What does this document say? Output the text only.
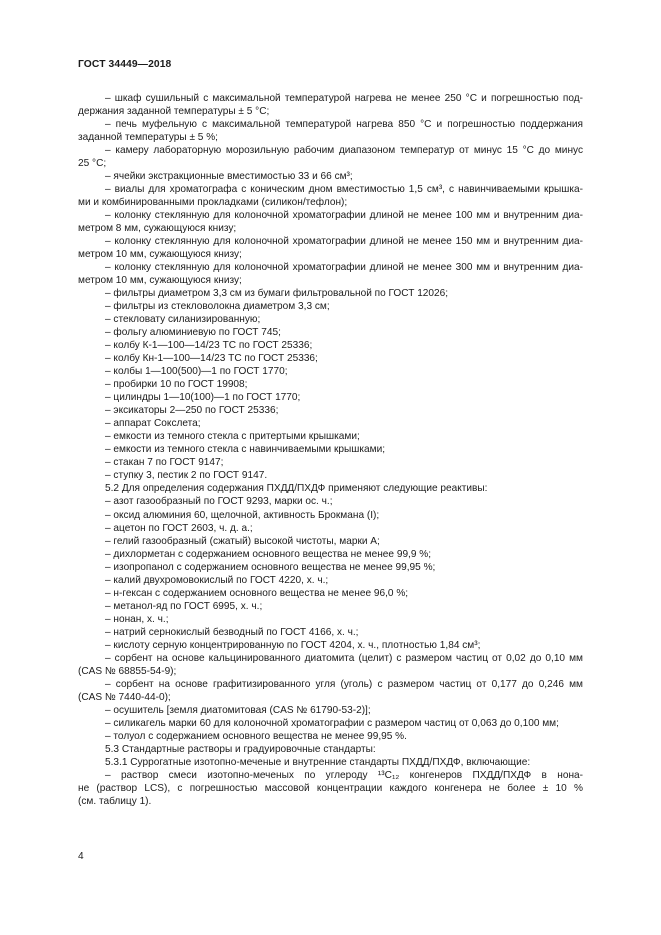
ГОСТ 34449—2018
– шкаф сушильный с максимальной температурой нагрева не менее 250 °С и погрешностью под-
держания заданной температуры ± 5 °С;
– печь муфельную с максимальной температурой нагрева 850 °С и погрешностью поддержания
заданной температуры ± 5 %;
– камеру лабораторную морозильную рабочим диапазоном температур от минус 15 °С до минус
25 °С;
– ячейки экстракционные вместимостью 33 и 66 см³;
– виалы для хроматографа с коническим дном вместимостью 1,5 см³, с навинчиваемыми крышка-
ми и комбинированными прокладками (силикон/тефлон);
– колонку стеклянную для колоночной хроматографии длиной не менее 100 мм и внутренним диа-
метром 8 мм, сужающуюся книзу;
– колонку стеклянную для колоночной хроматографии длиной не менее 150 мм и внутренним диа-
метром 10 мм, сужающуюся книзу;
– колонку стеклянную для колоночной хроматографии длиной не менее 300 мм и внутренним диа-
метром 10 мм, сужающуюся книзу;
– фильтры диаметром 3,3 см из бумаги фильтровальной по ГОСТ 12026;
– фильтры из стекловолокна диаметром 3,3 см;
– стекловату силанизированную;
– фольгу алюминиевую по ГОСТ 745;
– колбу К-1—100—14/23 ТС по ГОСТ 25336;
– колбу Кн-1—100—14/23 ТС по ГОСТ 25336;
– колбы 1—100(500)—1 по ГОСТ 1770;
– пробирки 10 по ГОСТ 19908;
– цилиндры 1—10(100)—1 по ГОСТ 1770;
– эксикаторы 2—250 по ГОСТ 25336;
– аппарат Сокслета;
– емкости из темного стекла с притертыми крышками;
– емкости из темного стекла с навинчиваемыми крышками;
– стакан 7 по ГОСТ 9147;
– ступку 3, пестик 2 по ГОСТ 9147.
5.2 Для определения содержания ПХДД/ПХДФ применяют следующие реактивы:
– азот газообразный по ГОСТ 9293, марки ос. ч.;
– оксид алюминия 60, щелочной, активность Брокмана (I);
– ацетон по ГОСТ 2603, ч. д. а.;
– гелий газообразный (сжатый) высокой чистоты, марки А;
– дихлорметан с содержанием основного вещества не менее 99,9 %;
– изопропанол с содержанием основного вещества не менее 99,95 %;
– калий двухромовокислый по ГОСТ 4220, х. ч.;
– н-гексан с содержанием основного вещества не менее 96,0 %;
– метанол-яд по ГОСТ 6995, х. ч.;
– нонан, х. ч.;
– натрий сернокислый безводный по ГОСТ 4166, х. ч.;
– кислоту серную концентрированную по ГОСТ 4204, х. ч., плотностью 1,84 см³;
– сорбент на основе кальцинированного диатомита (целит) с размером частиц от 0,02 до 0,10 мм
(CAS № 68855-54-9);
– сорбент на основе графитизированного угля (уголь) с размером частиц от 0,177 до 0,246 мм
(CAS № 7440-44-0);
– осушитель [земля диатомитовая (CAS № 61790-53-2)];
– силикагель марки 60 для колоночной хроматографии с размером частиц от 0,063 до 0,100 мм;
– толуол с содержанием основного вещества не менее 99,95 %.
5.3 Стандартные растворы и градуировочные стандарты:
5.3.1 Суррогатные изотопно-меченые и внутренние стандарты ПХДД/ПХДФ, включающие:
– раствор смеси изотопно-меченых по углероду ¹³C₁₂ конгенеров ПХДД/ПХДФ в нона-
не (раствор LCS), с погрешностью массовой концентрации каждого конгенера не более ± 10 %
(см. таблицу 1).
4
